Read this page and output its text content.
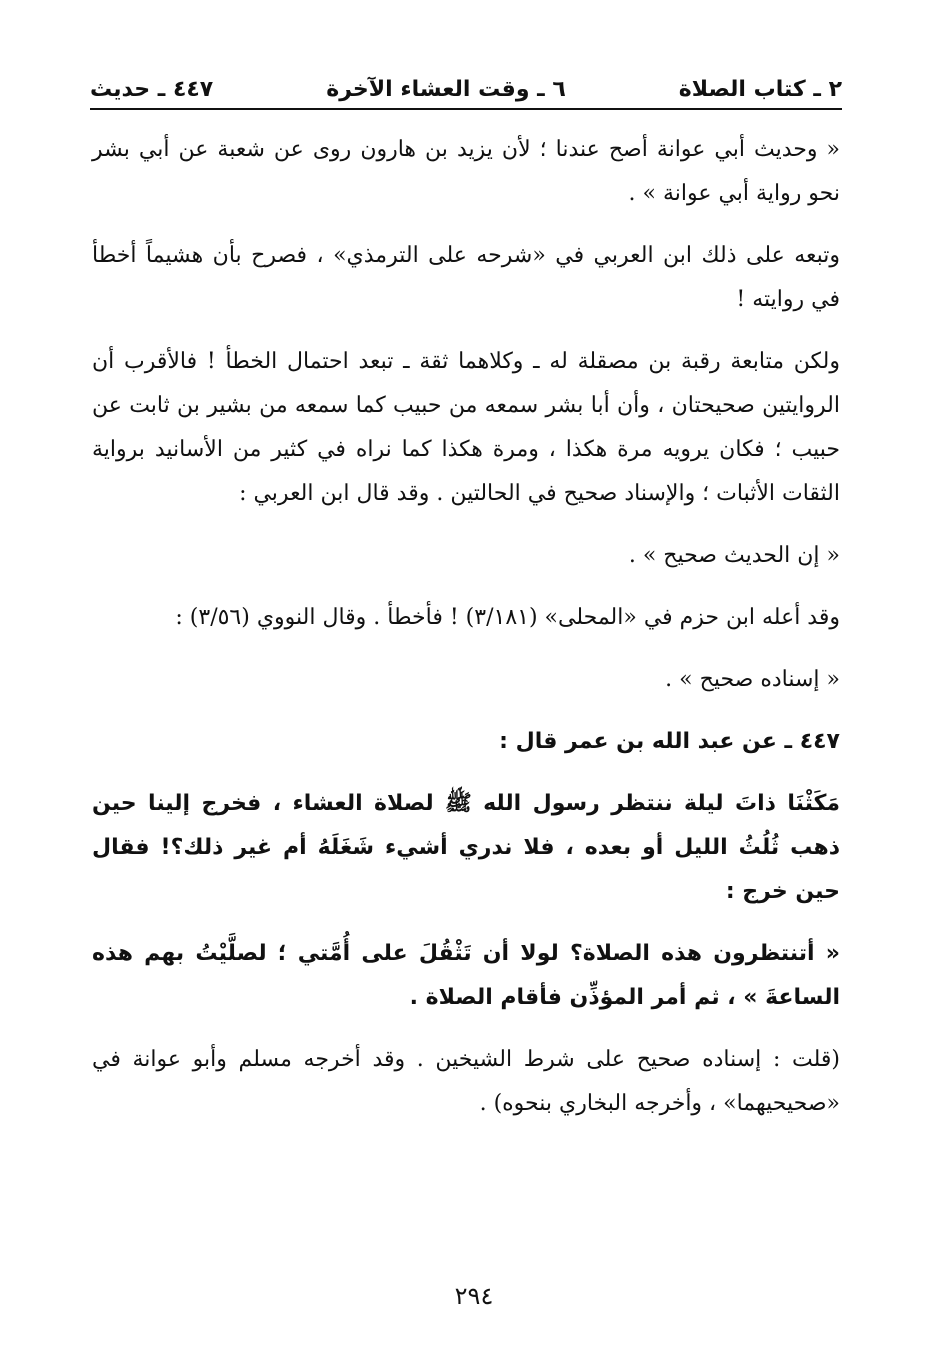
٢ ـ كتاب الصلاة
٦ ـ وقت العشاء الآخرة
٤٤٧ ـ حديث

« وحديث أبي عوانة أصح عندنا ؛ لأن يزيد بن هارون روى عن شعبة عن أبي بشر نحو رواية أبي عوانة » .

وتبعه على ذلك ابن العربي في «شرحه على الترمذي» ، فصرح بأن هشيماً أخطأ في روايته !

ولكن متابعة رقبة بن مصقلة له ـ وكلاهما ثقة ـ تبعد احتمال الخطأ ! فالأقرب أن الروايتين صحيحتان ، وأن أبا بشر سمعه من حبيب كما سمعه من بشير بن ثابت عن حبيب ؛ فكان يرويه مرة هكذا ، ومرة هكذا كما نراه في كثير من الأسانيد برواية الثقات الأثبات ؛ والإسناد صحيح في الحالتين . وقد قال ابن العربي :

« إن الحديث صحيح » .

وقد أعله ابن حزم في «المحلى» (٣/١٨١) ! فأخطأ . وقال النووي (٣/٥٦) :

« إسناده صحيح » .

٤٤٧ ـ عن عبد الله بن عمر قال :

مَكَثْنَا ذاتَ ليلة ننتظر رسول الله ﷺ لصلاة العشاء ، فخرج إلينا حين ذهب ثُلُثُ الليل أو بعده ، فلا ندري أشيء شَغَلَهُ أم غير ذلك؟! فقال حين خرج :

« أتنتظرون هذه الصلاة؟ لولا أن تَثْقُلَ على أُمَّتي ؛ لصلَّيْتُ بهم هذه الساعةَ » ، ثم أمر المؤذِّن فأقام الصلاة .

(قلت : إسناده صحيح على شرط الشيخين . وقد أخرجه مسلم وأبو عوانة في «صحيحيهما» ، وأخرجه البخاري بنحوه) .

٢٩٤
